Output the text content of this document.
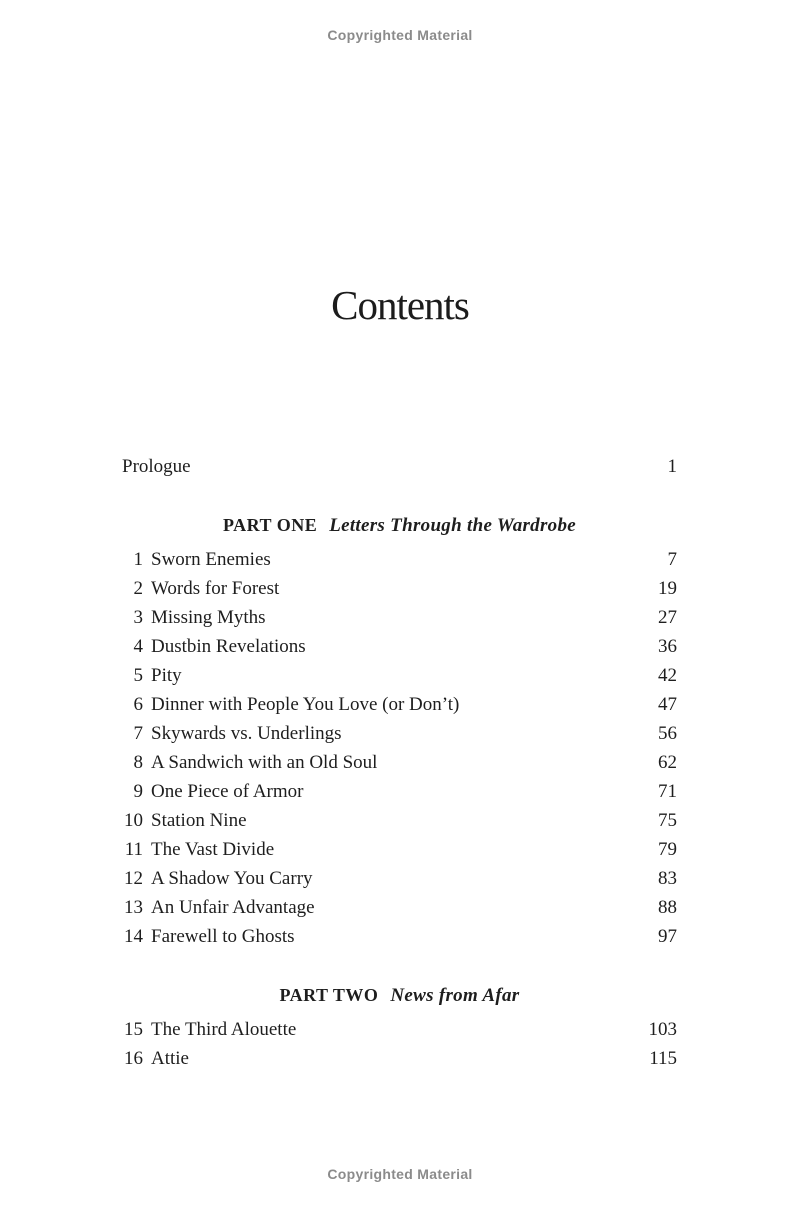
Copyrighted Material
Contents
Prologue	1
PART ONE Letters Through the Wardrobe
1 Sworn Enemies	7
2 Words for Forest	19
3 Missing Myths	27
4 Dustbin Revelations	36
5 Pity	42
6 Dinner with People You Love (or Don’t)	47
7 Skywards vs. Underlings	56
8 A Sandwich with an Old Soul	62
9 One Piece of Armor	71
10 Station Nine	75
11 The Vast Divide	79
12 A Shadow You Carry	83
13 An Unfair Advantage	88
14 Farewell to Ghosts	97
PART TWO News from Afar
15 The Third Alouette	103
16 Attie	115
Copyrighted Material
